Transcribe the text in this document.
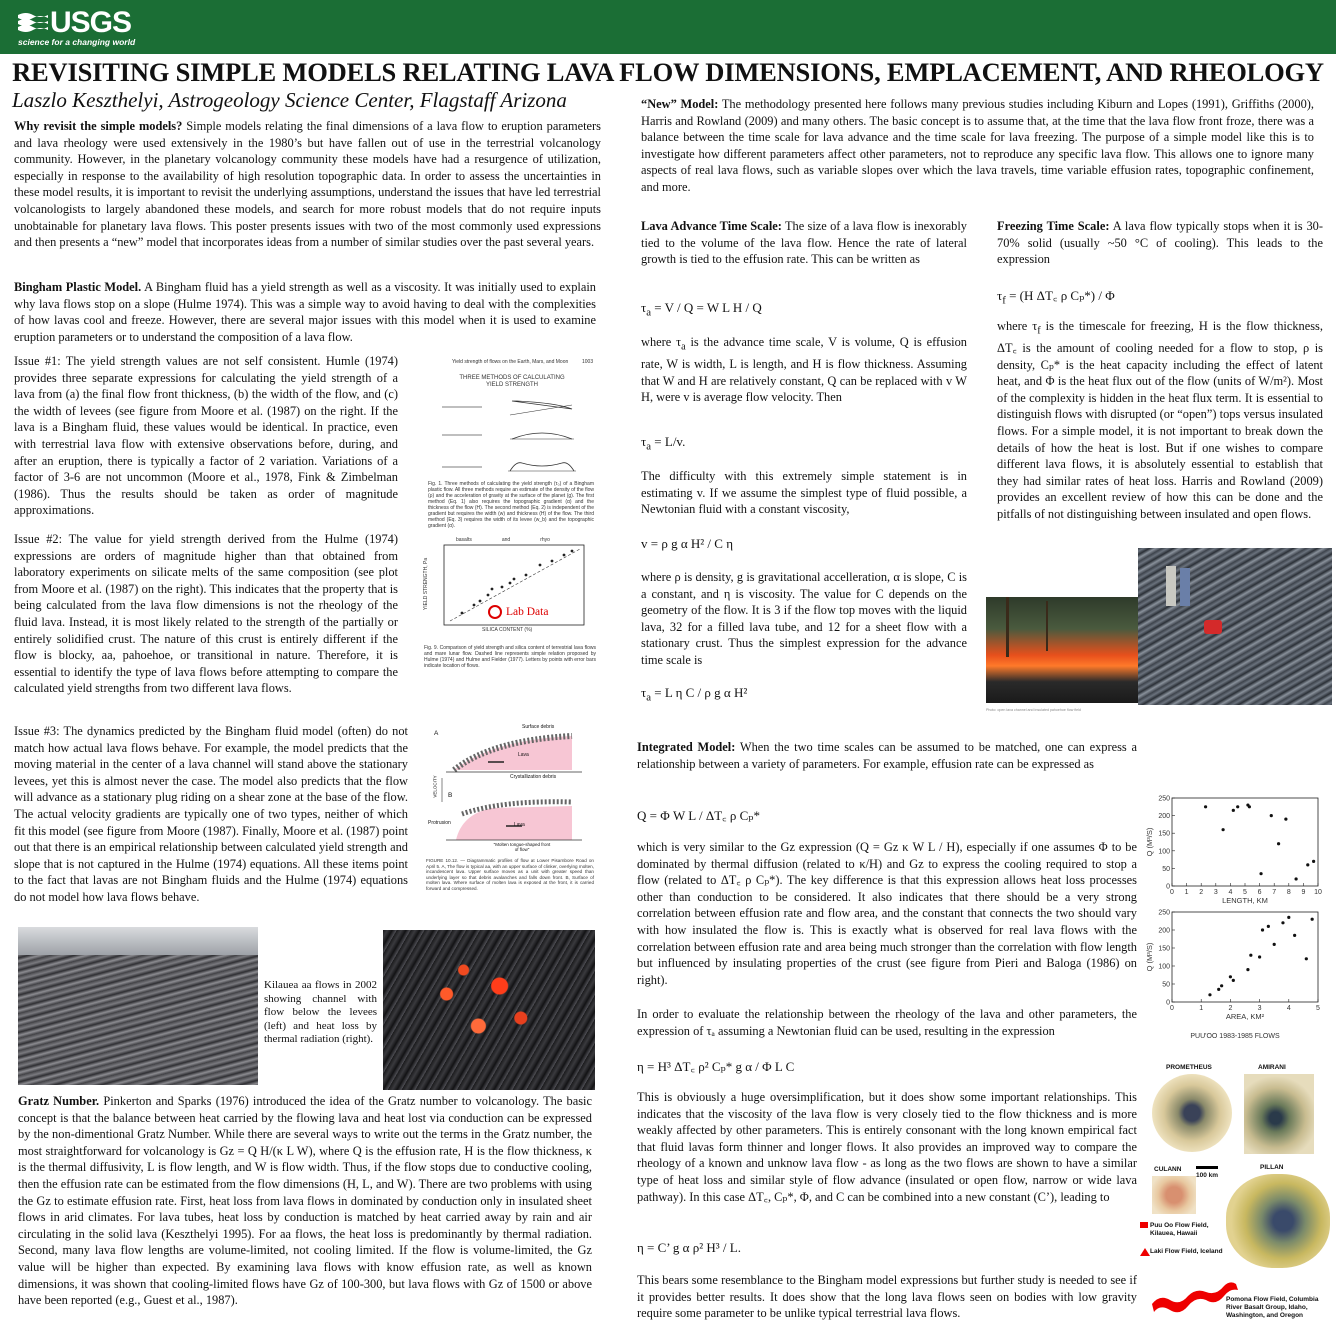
USGS
science for a changing world
REVISITING SIMPLE MODELS RELATING LAVA FLOW DIMENSIONS, EMPLACEMENT, AND RHEOLOGY
Laszlo Keszthelyi, Astrogeology Science Center, Flagstaff Arizona

Why revisit the simple models? Simple models relating the final dimensions of a lava flow to eruption parameters and lava rheology were used extensively in the 1980’s but have fallen out of use in the terrestrial volcanology community. However, in the planetary volcanology community these models have had a resurgence of utilization, especially in response to the availability of high resolution topographic data. In order to assess the uncertainties in these model results, it is important to revisit the underlying assumptions, understand the issues that have led terrestrial volcanologists to largely abandoned these models, and search for more robust models that do not require inputs unobtainable for planetary lava flows. This poster presents issues with two of the most commonly used expressions and then presents a “new” model that incorporates ideas from a number of similar studies over the past several years.

Bingham Plastic Model. A Bingham fluid has a yield strength as well as a viscosity. It was initially used to explain why lava flows stop on a slope (Hulme 1974). This was a simple way to avoid having to deal with the complexities of how lavas cool and freeze. However, there are several major issues with this model when it is used to examine eruption parameters or to understand the composition of a lava flow.

Issue #1: The yield strength values are not self consistent. Humle (1974) provides three separate expressions for calculating the yield strength of a lava from (a) the final flow front thickness, (b) the width of the flow, and (c) the width of levees (see figure from Moore et al. (1987) on the right. If the lava is a Bingham fluid, these values would be identical. In practice, even with terrestrial lava flow with extensive observations before, during, and after an eruption, there is typically a factor of 2 variation. Variations of a factor of 3-6 are not uncommon (Moore et al., 1978, Fink & Zimbelman (1986). Thus the results should be taken as order of magnitude approximations.

Issue #2: The value for yield strength derived from the Hulme (1974) expressions are orders of magnitude higher than that obtained from laboratory experiments on silicate melts of the same composition (see plot from Moore et al. (1987) on the right). This indicates that the property that is being calculated from the lava flow dimensions is not the rheology of the fluid lava. Instead, it is most likely related to the strength of the partially or entirely solidified crust. The nature of this crust is entirely different if the flow is blocky, aa, pahoehoe, or transitional in nature. Therefore, it is essential to identify the type of lava flows before attempting to compare the calculated yield strengths from two different lava flows.

Issue #3: The dynamics predicted by the Bingham fluid model (often) do not match how actual lava flows behave. For example, the model predicts that the moving material in the center of a lava channel will stand above the stationary levees, yet this is almost never the case. The model also predicts that the flow will advance as a stationary plug riding on a shear zone at the base of the flow. The actual velocity gradients are typically one of two types, neither of which fit this model (see figure from Moore (1987). Finally, Moore et al. (1987) point out that there is an empirical relationship between calculated yield strength and slope that is not captured in the Hulme (1974) equations. All these items point to the fact that lavas are not Bingham fluids and the Hulme (1974) equations do not model how lava flows behave.

Yield strength of flows on the Earth, Mars, and Moon	1003
THREE METHODS OF CALCULATING YIELD STRENGTH
Fig. 1. Three methods of calculating the yield strength (τ₀) of a Bingham plastic flow. All three methods require an estimate of the density of the flow (ρ) and the acceleration of gravity at the surface of the planet (g). The first method (Eq. 1) also requires the topographic gradient (α) and the thickness of the flow (H). The second method (Eq. 2) is independent of the gradient but requires the width (w) and thickness (H) of the flow. The third method (Eq. 3) requires the width of its levee (w_b) and the topographic gradient (α).
basalts	and	rhyo
SILICA CONTENT (%)
YIELD STRENGTH, Pa
Lab Data
Fig. 9. Comparison of yield strength and silica content of terrestrial lava flows and mare lunar flow. Dashed line represents simple relation proposed by Hulme (1974) and Hulme and Fielder (1977). Letters by points with error bars indicate location of flows.
A
Surface debris
Lava
Crystallization debris
VELOCITY B
Protrusion	Lava
"Molten tongue-shaped front of flow"
FIGURE 10.12. — Diagrammatic profiles of flow at Lower Pisarnbore Road on April 5. A, The flow is typical aa, with an upper surface of clinker, overlying molten, incandescent lava. Upper surface moves as a unit with greater speed than underlying layer so that debris avalanches and falls down front. B, Surface of molten lava. Where surface of molten lava is exposed at the front, it is carried forward and compressed.
Kilauea aa flows in 2002 showing channel with flow below the levees (left) and heat loss by thermal radiation (right).

Gratz Number. Pinkerton and Sparks (1976) introduced the idea of the Gratz number to volcanology. The basic concept is that the balance between heat carried by the flowing lava and heat lost via conduction can be expressed by the non-dimentional Gratz Number. While there are several ways to write out the terms in the Gratz number, the most straightforward for volcanology is Gz = Q H/(κ L W), where Q is the effusion rate, H is the flow thickness, κ is the thermal diffusivity, L is flow length, and W is flow width. Thus, if the flow stops due to conductive cooling, then the effusion rate can be estimated from the flow dimensions (H, L, and W). There are two problems with using the Gz to estimate effusion rate. First, heat loss from lava flows in dominated by conduction only in insulated sheet flows in arid climates. For lava tubes, heat loss by conduction is matched by heat carried away by rain and air circulating in the solid lava (Keszthelyi 1995). For aa flows, the heat loss is predominantly by thermal radiation. Second, many lava flow lengths are volume-limited, not cooling limited. If the flow is volume-limited, the Gz value will be higher than expected. By examining lava flows with know effusion rate, as well as known dimensions, it was shown that cooling-limited flows have Gz of 100-300, but lava flows with Gz of 1500 or above have been reported (e.g., Guest et al., 1987).

“New” Model: The methodology presented here follows many previous studies including Kiburn and Lopes (1991), Griffiths (2000), Harris and Rowland (2009) and many others. The basic concept is to assume that, at the time that the lava flow front froze, there was a balance between the time scale for lava advance and the time scale for lava freezing. The purpose of a simple model like this is to investigate how different parameters affect other parameters, not to reproduce any specific lava flow. This allows one to ignore many aspects of real lava flows, such as variable slopes over which the lava travels, time variable effusion rates, topographic confinement, and more.

Lava Advance Time Scale: The size of a lava flow is inexorably tied to the volume of the lava flow. Hence the rate of lateral growth is tied to the effusion rate. This can be written as

$\tau_a = V / Q = W$ L H / Q

where $\tau_a$ is the advance time scale, V is volume, Q is effusion rate, W is width, L is length, and H is flow thickness. Assuming that W and H are relatively constant, Q can be replaced with v W H, were v is average flow velocity. Then

$\tau_a = L/v$.

The difficulty with this extremely simple statement is in estimating v. If we assume the simplest type of fluid possible, a Newtonian fluid with a constant viscosity,

v = ρ g α H² / C η

where ρ is density, g is gravitational accelleration, α is slope, C is a constant, and η is viscosity. The value for C depends on the geometry of the flow. It is 3 if the flow top moves with the liquid lava, 32 for a filled lava tube, and 12 for a sheet flow with a stationary crust. Thus the simplest expression for the advance time scale is

$\tau_a = L$ η C / ρ g α H²

Freezing Time Scale: A lava flow typically stops when it is 30-70% solid (usually ~50 °C of cooling). This leads to the expression

$\tau_f = (H$ ΔT꜀ ρ Cₚ*) / Φ

where $\tau_f$ is the timescale for freezing, H is the flow thickness, ΔT꜀ is the amount of cooling needed for a flow to stop, ρ is density, Cₚ* is the heat capacity including the effect of latent heat, and Φ is the heat flux out of the flow (units of W/m²). Most of the complexity is hidden in the heat flux term. It is essential to distinguish flows with disrupted (or “open”) tops versus insulated flows. For a simple model, it is not important to break down the details of how the heat is lost. But if one wishes to compare different lava flows, it is absolutely essential to establish that they had similar rates of heat loss. Harris and Rowland (2009) provides an excellent review of how this can be done and the pitfalls of not distinguishing between insulated and open flows.

Photo: open lava channel and insulated pahoehoe flow field

Integrated Model: When the two time scales can be assumed to be matched, one can express a relationship between a variety of parameters. For example, effusion rate can be expressed as

Q = Φ W L / ΔT꜀ ρ Cₚ*

which is very similar to the Gz expression (Q = Gz κ W L / H), especially if one assumes Φ to be dominated by thermal diffusion (related to κ/H) and Gz to express the cooling required to stop a flow (related to ΔT꜀ ρ Cₚ*). The key difference is that this expression allows heat loss processes other than conduction to be considered. It also indicates that there should be a very strong correlation between effusion rate and flow area, and the constant that connects the two should vary with how insulated the flow is. This is exactly what is observed for real lava flows with the correlation between effusion rate and area being much stronger than the correlation with flow length but influenced by insulating properties of the crust (see figure from Pieri and Baloga (1986) on right).

In order to evaluate the relationship between the rheology of the lava and other parameters, the expression of τₐ assuming a Newtonian fluid can be used, resulting in the expression

η = H³ ΔT꜀ ρ² Cₚ* g α / Φ L C

This is obviously a huge oversimplification, but it does show some important relationships. This indicates that the viscosity of the lava flow is very closely tied to the flow thickness and is more weakly affected by other parameters. This is entirely consonant with the long known empirical fact that fluid lavas form thinner and longer flows. It also provides an improved way to compare the rheology of a known and unknow lava flow - as long as the two flows are shown to have a similar type of heat loss and similar style of flow advance (insulated or open flow, narrow or wide lava pathway). In this case ΔT꜀, Cₚ*, Φ, and C can be combined into a new constant (C’), leading to

η = C’ g α ρ² H³ / L.

This bears some resemblance to the Bingham model expressions but further study is needed to see if it provides better results. It does show that the long lava flows seen on bodies with low gravity require some parameter to be unlike typical terrestrial lava flows.

0 1 2 3 4 5 6 7 8 9 10
0
50
100
150
200
250
LENGTH, KM
Q (M³/S)
0	1	2	3	4	5
0
50
100
150
200
250
AREA, KM²
Q (M³/S)
PUU'OO 1983-1985 FLOWS
PROMETHEUS	AMIRANI
CULANN
100 km
PILLAN
Puu Oo Flow Field, Kilauea, Hawaii
Laki Flow Field, Iceland
Pomona Flow Field, Columbia River Basalt Group, Idaho, Washington, and Oregon
